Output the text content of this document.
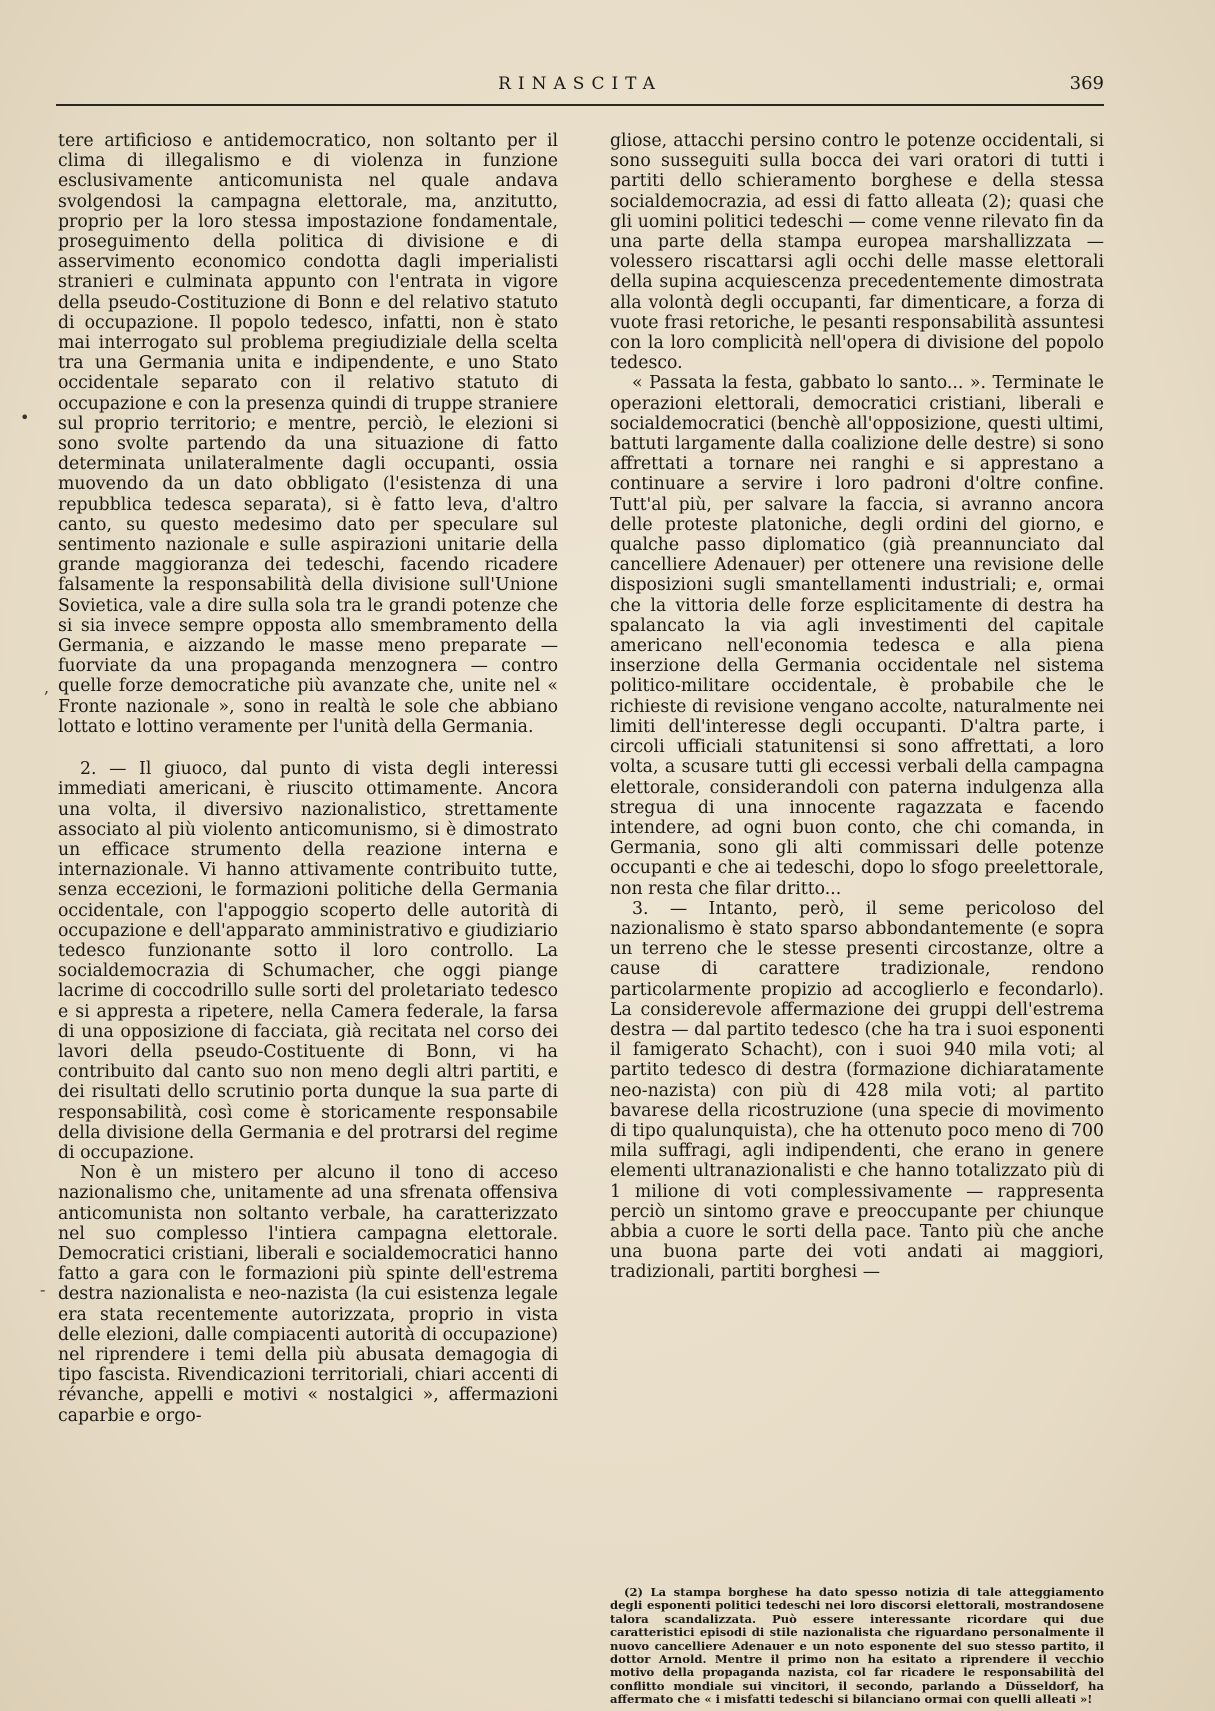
RINASCITA	369

tere artificioso e antidemocratico, non soltanto per il clima di illegalismo e di violenza in funzione esclusivamente anticomunista nel quale andava svolgendosi la campagna elettorale, ma, anzitutto, proprio per la loro stessa impostazione fondamentale, proseguimento della politica di divisione e di asservimento economico condotta dagli imperialisti stranieri e culminata appunto con l'entrata in vigore della pseudo-Costituzione di Bonn e del relativo statuto di occupazione. Il popolo tedesco, infatti, non è stato mai interrogato sul problema pregiudiziale della scelta tra una Germania unita e indipendente, e uno Stato occidentale separato con il relativo statuto di occupazione e con la presenza quindi di truppe straniere sul proprio territorio; e mentre, perciò, le elezioni si sono svolte partendo da una situazione di fatto determinata unilateralmente dagli occupanti, ossia muovendo da un dato obbligato (l'esistenza di una repubblica tedesca separata), si è fatto leva, d'altro canto, su questo medesimo dato per speculare sul sentimento nazionale e sulle aspirazioni unitarie della grande maggioranza dei tedeschi, facendo ricadere falsamente la responsabilità della divisione sull'Unione Sovietica, vale a dire sulla sola tra le grandi potenze che si sia invece sempre opposta allo smembramento della Germania, e aizzando le masse meno preparate — fuorviate da una propaganda menzognera — contro quelle forze democratiche più avanzate che, unite nel « Fronte nazionale », sono in realtà le sole che abbiano lottato e lottino veramente per l'unità della Germania.

2. — Il giuoco, dal punto di vista degli interessi immediati americani, è riuscito ottimamente. Ancora una volta, il diversivo nazionalistico, strettamente associato al più violento anticomunismo, si è dimostrato un efficace strumento della reazione interna e internazionale. Vi hanno attivamente contribuito tutte, senza eccezioni, le formazioni politiche della Germania occidentale, con l'appoggio scoperto delle autorità di occupazione e dell'apparato amministrativo e giudiziario tedesco funzionante sotto il loro controllo. La socialdemocrazia di Schumacher, che oggi piange lacrime di coccodrillo sulle sorti del proletariato tedesco e si appresta a ripetere, nella Camera federale, la farsa di una opposizione di facciata, già recitata nel corso dei lavori della pseudo-Costituente di Bonn, vi ha contribuito dal canto suo non meno degli altri partiti, e dei risultati dello scrutinio porta dunque la sua parte di responsabilità, così come è storicamente responsabile della divisione della Germania e del protrarsi del regime di occupazione.

Non è un mistero per alcuno il tono di acceso nazionalismo che, unitamente ad una sfrenata offensiva anticomunista non soltanto verbale, ha caratterizzato nel suo complesso l'intiera campagna elettorale. Democratici cristiani, liberali e socialdemocratici hanno fatto a gara con le formazioni più spinte dell'estrema destra nazionalista e neo-nazista (la cui esistenza legale era stata recentemente autorizzata, proprio in vista delle elezioni, dalle compiacenti autorità di occupazione) nel riprendere i temi della più abusata demagogia di tipo fascista. Rivendicazioni territoriali, chiari accenti di révanche, appelli e motivi « nostalgici », affermazioni caparbie e orgo-

gliose, attacchi persino contro le potenze occidentali, si sono susseguiti sulla bocca dei vari oratori di tutti i partiti dello schieramento borghese e della stessa socialdemocrazia, ad essi di fatto alleata (2); quasi che gli uomini politici tedeschi — come venne rilevato fin da una parte della stampa europea marshallizzata — volessero riscattarsi agli occhi delle masse elettorali della supina acquiescenza precedentemente dimostrata alla volontà degli occupanti, far dimenticare, a forza di vuote frasi retoriche, le pesanti responsabilità assuntesi con la loro complicità nell'opera di divisione del popolo tedesco.

« Passata la festa, gabbato lo santo... ». Terminate le operazioni elettorali, democratici cristiani, liberali e socialdemocratici (benchè all'opposizione, questi ultimi, battuti largamente dalla coalizione delle destre) si sono affrettati a tornare nei ranghi e si apprestano a continuare a servire i loro padroni d'oltre confine. Tutt'al più, per salvare la faccia, si avranno ancora delle proteste platoniche, degli ordini del giorno, e qualche passo diplomatico (già preannunciato dal cancelliere Adenauer) per ottenere una revisione delle disposizioni sugli smantellamenti industriali; e, ormai che la vittoria delle forze esplicitamente di destra ha spalancato la via agli investimenti del capitale americano nell'economia tedesca e alla piena inserzione della Germania occidentale nel sistema politico-militare occidentale, è probabile che le richieste di revisione vengano accolte, naturalmente nei limiti dell'interesse degli occupanti. D'altra parte, i circoli ufficiali statunitensi si sono affrettati, a loro volta, a scusare tutti gli eccessi verbali della campagna elettorale, considerandoli con paterna indulgenza alla stregua di una innocente ragazzata e facendo intendere, ad ogni buon conto, che chi comanda, in Germania, sono gli alti commissari delle potenze occupanti e che ai tedeschi, dopo lo sfogo preelettorale, non resta che filar dritto...

3. — Intanto, però, il seme pericoloso del nazionalismo è stato sparso abbondantemente (e sopra un terreno che le stesse presenti circostanze, oltre a cause di carattere tradizionale, rendono particolarmente propizio ad accoglierlo e fecondarlo). La considerevole affermazione dei gruppi dell'estrema destra — dal partito tedesco (che ha tra i suoi esponenti il famigerato Schacht), con i suoi 940 mila voti; al partito tedesco di destra (formazione dichiaratamente neo-nazista) con più di 428 mila voti; al partito bavarese della ricostruzione (una specie di movimento di tipo qualunquista), che ha ottenuto poco meno di 700 mila suffragi, agli indipendenti, che erano in genere elementi ultranazionalisti e che hanno totalizzato più di 1 milione di voti complessivamente — rappresenta perciò un sintomo grave e preoccupante per chiunque abbia a cuore le sorti della pace. Tanto più che anche una buona parte dei voti andati ai maggiori, tradizionali, partiti borghesi —

(2) La stampa borghese ha dato spesso notizia di tale atteggiamento degli esponenti politici tedeschi nei loro discorsi elettorali, mostrandosene talora scandalizzata. Può essere interessante ricordare qui due caratteristici episodi di stile nazionalista che riguardano personalmente il nuovo cancelliere Adenauer e un noto esponente del suo stesso partito, il dottor Arnold. Mentre il primo non ha esitato a riprendere il vecchio motivo della propaganda nazista, col far ricadere le responsabilità del conflitto mondiale sui vincitori, il secondo, parlando a Düsseldorf, ha affermato che « i misfatti tedeschi si bilanciano ormai con quelli alleati »!

•
,
-
